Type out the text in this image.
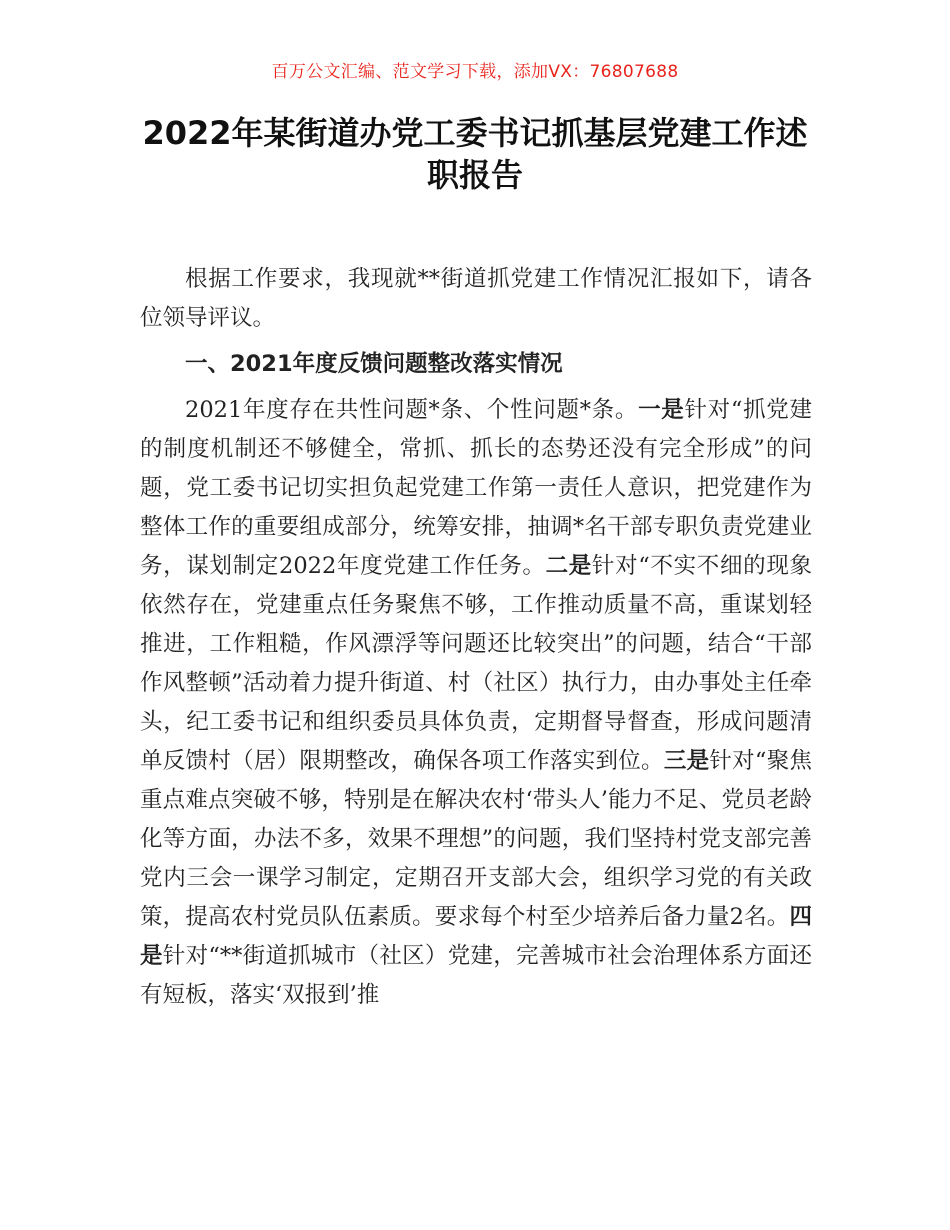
百万公文汇编、范文学习下载，添加VX：76807688
2022年某街道办党工委书记抓基层党建工作述职报告

根据工作要求，我现就**街道抓党建工作情况汇报如下，请各位领导评议。

一、2021年度反馈问题整改落实情况

2021年度存在共性问题*条、个性问题*条。一是针对“抓党建的制度机制还不够健全，常抓、抓长的态势还没有完全形成”的问题，党工委书记切实担负起党建工作第一责任人意识，把党建作为整体工作的重要组成部分，统筹安排，抽调*名干部专职负责党建业务，谋划制定2022年度党建工作任务。二是针对“不实不细的现象依然存在，党建重点任务聚焦不够，工作推动质量不高，重谋划轻推进，工作粗糙，作风漂浮等问题还比较突出”的问题，结合“干部作风整顿”活动着力提升街道、村（社区）执行力，由办事处主任牵头，纪工委书记和组织委员具体负责，定期督导督查，形成问题清单反馈村（居）限期整改，确保各项工作落实到位。三是针对“聚焦重点难点突破不够，特别是在解决农村‘带头人’能力不足、党员老龄化等方面，办法不多，效果不理想”的问题，我们坚持村党支部完善党内三会一课学习制定，定期召开支部大会，组织学习党的有关政策，提高农村党员队伍素质。要求每个村至少培养后备力量2名。四是针对“**街道抓城市（社区）党建，完善城市社会治理体系方面还有短板，落实‘双报到’推
